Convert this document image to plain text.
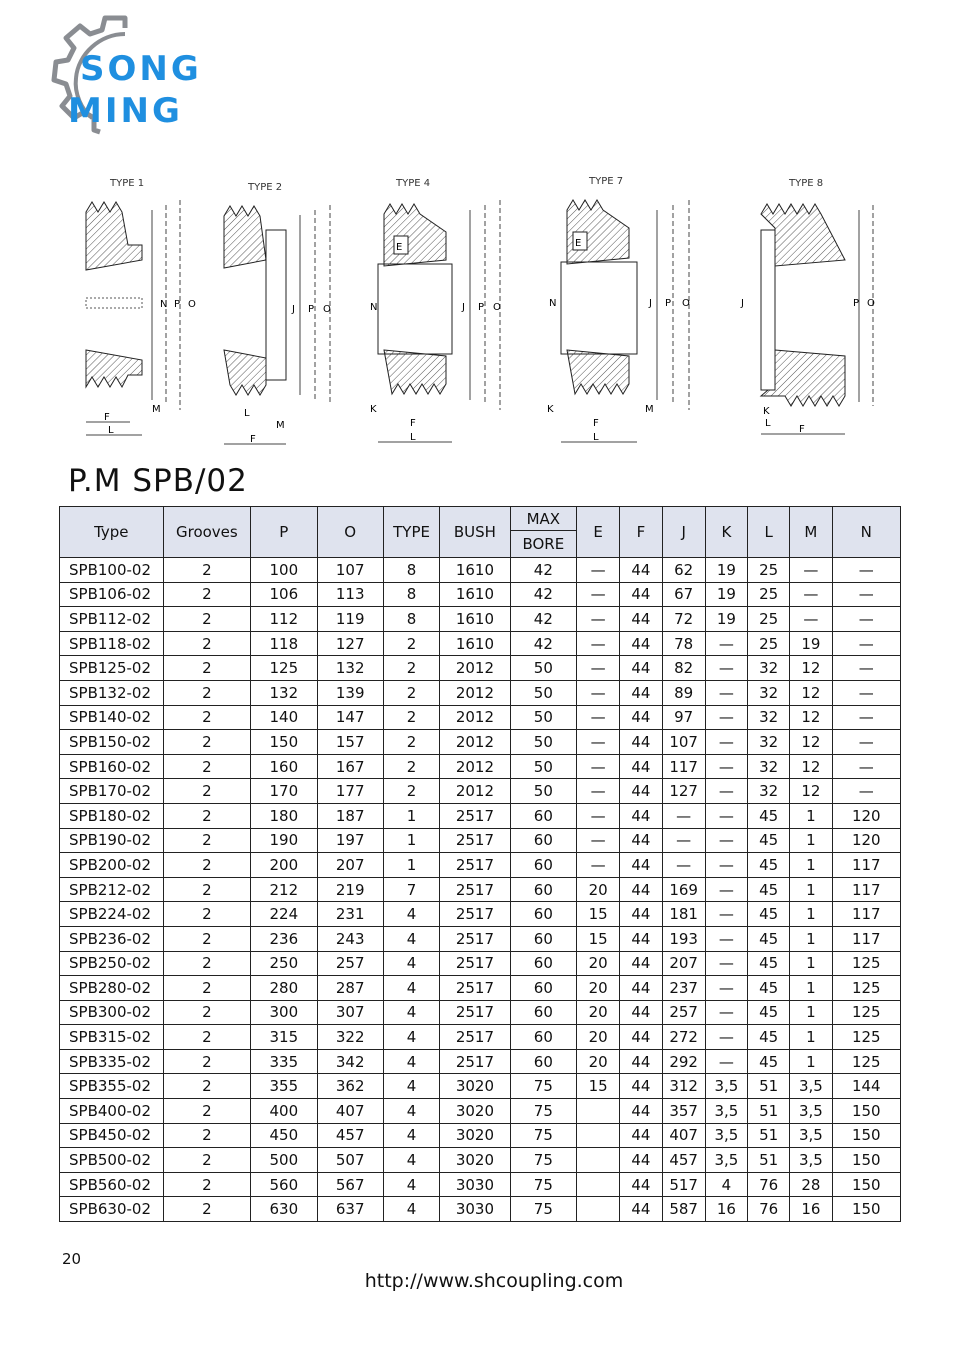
SONG
MING
TYPE 1
N P O
F
L
M
TYPE 2
J P O
L
M
F
TYPE 4
E
N	J P O
K
F
L
TYPE 7
E
N	J P O
K
F
M
L
TYPE 8
J	P O
K
L
F
P.M SPB/02
Type	Grooves	P	O	TYPE	BUSH	MAX	E	F	J	K	L	M	N
						BORE							
SPB100-02	2	100	107	8	1610	42	—	44	62	19	25	—	—
SPB106-02	2	106	113	8	1610	42	—	44	67	19	25	—	—
SPB112-02	2	112	119	8	1610	42	—	44	72	19	25	—	—
SPB118-02	2	118	127	2	1610	42	—	44	78	—	25	19	—
SPB125-02	2	125	132	2	2012	50	—	44	82	—	32	12	—
SPB132-02	2	132	139	2	2012	50	—	44	89	—	32	12	—
SPB140-02	2	140	147	2	2012	50	—	44	97	—	32	12	—
SPB150-02	2	150	157	2	2012	50	—	44	107	—	32	12	—
SPB160-02	2	160	167	2	2012	50	—	44	117	—	32	12	—
SPB170-02	2	170	177	2	2012	50	—	44	127	—	32	12	—
SPB180-02	2	180	187	1	2517	60	—	44	—	—	45	1	120
SPB190-02	2	190	197	1	2517	60	—	44	—	—	45	1	120
SPB200-02	2	200	207	1	2517	60	—	44	—	—	45	1	117
SPB212-02	2	212	219	7	2517	60	20	44	169	—	45	1	117
SPB224-02	2	224	231	4	2517	60	15	44	181	—	45	1	117
SPB236-02	2	236	243	4	2517	60	15	44	193	—	45	1	117
SPB250-02	2	250	257	4	2517	60	20	44	207	—	45	1	125
SPB280-02	2	280	287	4	2517	60	20	44	237	—	45	1	125
SPB300-02	2	300	307	4	2517	60	20	44	257	—	45	1	125
SPB315-02	2	315	322	4	2517	60	20	44	272	—	45	1	125
SPB335-02	2	335	342	4	2517	60	20	44	292	—	45	1	125
SPB355-02	2	355	362	4	3020	75	15	44	312	3,5	51	3,5	144
SPB400-02	2	400	407	4	3020	75		44	357	3,5	51	3,5	150
SPB450-02	2	450	457	4	3020	75		44	407	3,5	51	3,5	150
SPB500-02	2	500	507	4	3020	75		44	457	3,5	51	3,5	150
SPB560-02	2	560	567	4	3030	75		44	517	4	76	28	150
SPB630-02	2	630	637	4	3030	75		44	587	16	76	16	150
20
http://www.shcoupling.com
